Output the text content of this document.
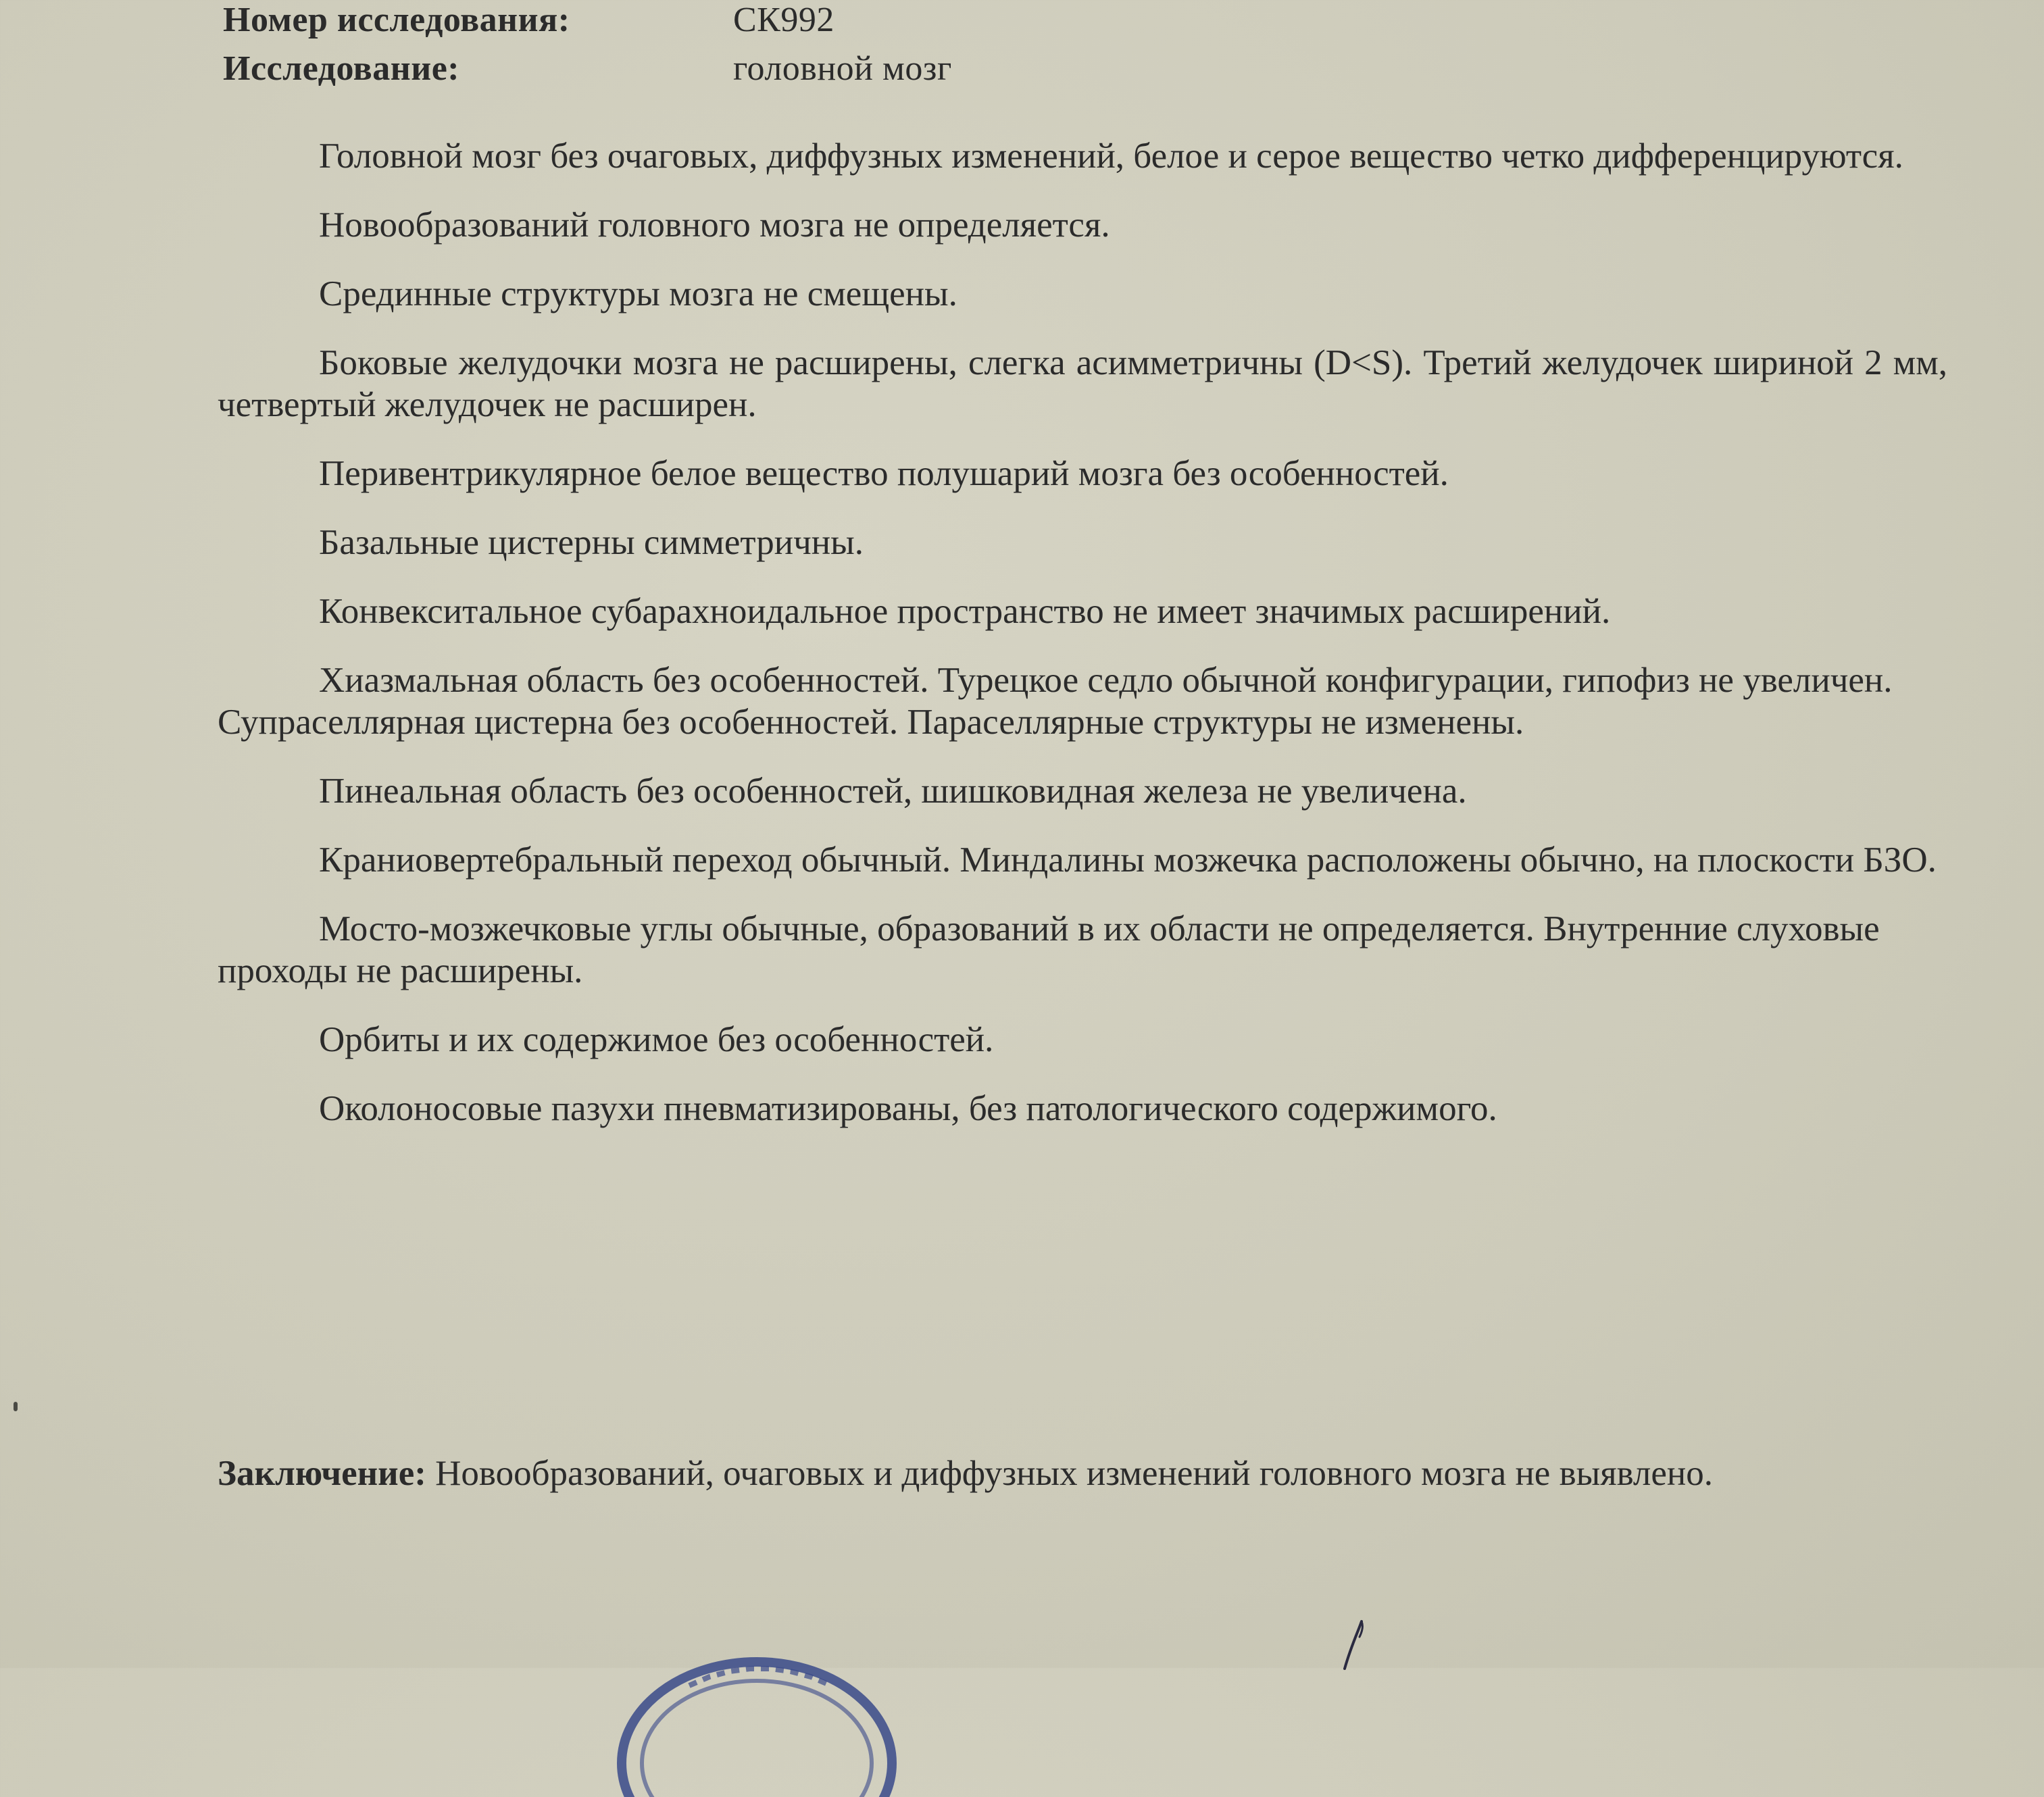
Номер исследования:	СК992
Исследование:	головной мозг

Головной мозг без очаговых, диффузных изменений, белое и серое вещество четко дифференцируются.

Новообразований головного мозга не определяется.

Срединные структуры мозга не смещены.

Боковые желудочки мозга не расширены, слегка асимметричны (D<S). Третий желудочек шириной 2 мм, четвертый желудочек не расширен.

Перивентрикулярное белое вещество полушарий мозга без особенностей.

Базальные цистерны симметричны.

Конвекситальное субарахноидальное пространство не имеет значимых расширений.

Хиазмальная область без особенностей. Турецкое седло обычной конфигурации, гипофиз не увеличен. Супраселлярная цистерна без особенностей. Параселлярные структуры не изменены.

Пинеальная область без особенностей, шишковидная железа не увеличена.

Краниовертебральный переход обычный. Миндалины мозжечка расположены обычно, на плоскости БЗО.

Мосто-мозжечковые углы обычные, образований в их области не определяется. Внутренние слуховые проходы не расширены.

Орбиты и их содержимое без особенностей.

Околоносовые пазухи пневматизированы, без патологического содержимого.

Заключение: Новообразований, очаговых и диффузных изменений головного мозга не выявлено.
